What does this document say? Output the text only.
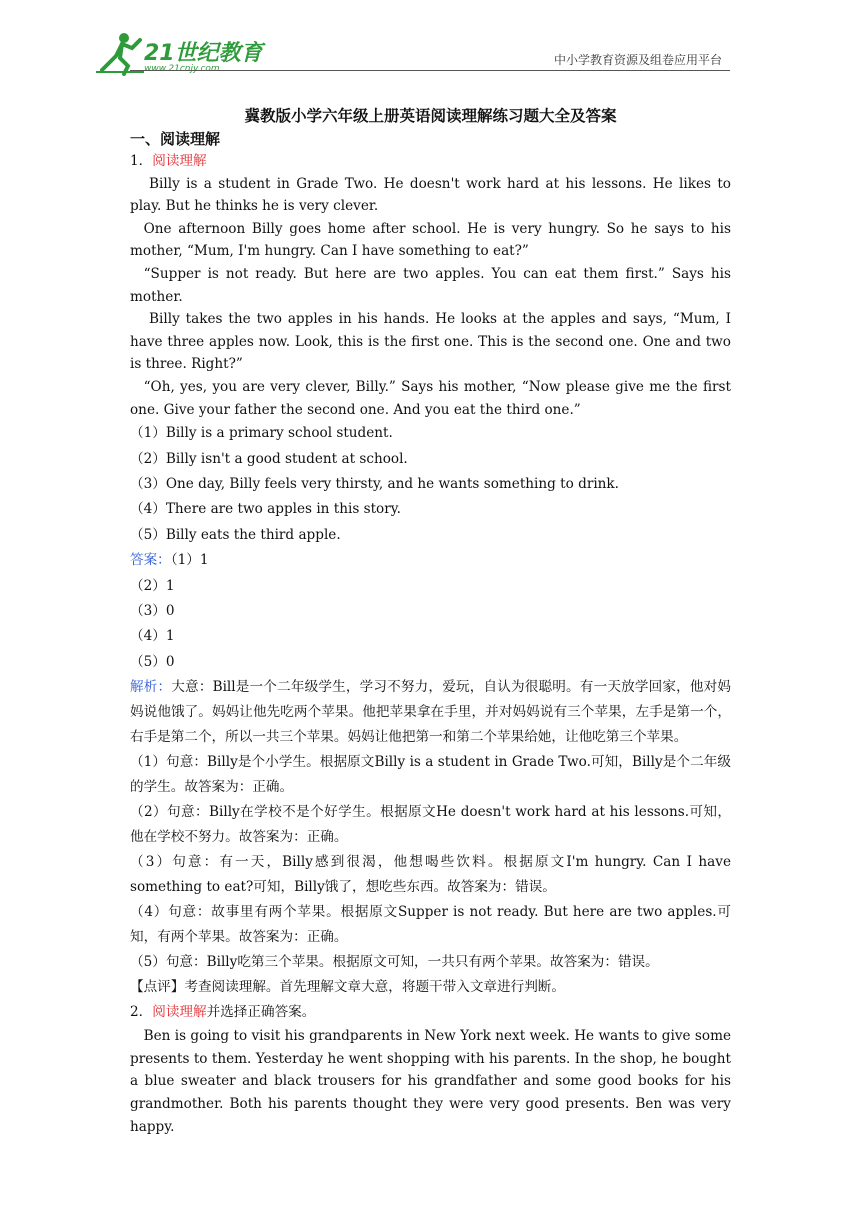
21世纪教育
www.21cnjy.com
中小学教育资源及组卷应用平台

冀教版小学六年级上册英语阅读理解练习题大全及答案

一、阅读理解

1．阅读理解

Billy is a student in Grade Two. He doesn't work hard at his lessons. He likes to play. But he thinks he is very clever.

One afternoon Billy goes home after school. He is very hungry. So he says to his mother, “Mum, I'm hungry. Can I have something to eat?”

“Supper is not ready. But here are two apples. You can eat them first.” Says his mother.

Billy takes the two apples in his hands. He looks at the apples and says, “Mum, I have three apples now. Look, this is the first one. This is the second one. One and two is three. Right?”

“Oh, yes, you are very clever, Billy.” Says his mother, “Now please give me the first one. Give your father the second one. And you eat the third one.”

（1）Billy is a primary school student.

（2）Billy isn't a good student at school.

（3）One day, Billy feels very thirsty, and he wants something to drink.

（4）There are two apples in this story.

（5）Billy eats the third apple.

答案：（1）1

（2）1

（3）0

（4）1

（5）0

解析：大意：Bill是一个二年级学生，学习不努力，爱玩，自认为很聪明。有一天放学回家，他对妈妈说他饿了。妈妈让他先吃两个苹果。他把苹果拿在手里，并对妈妈说有三个苹果，左手是第一个，右手是第二个，所以一共三个苹果。妈妈让他把第一和第二个苹果给她，让他吃第三个苹果。

（1）句意：Billy是个小学生。根据原文Billy is a student in Grade Two.可知，Billy是个二年级的学生。故答案为：正确。

（2）句意：Billy在学校不是个好学生。根据原文He doesn't work hard at his lessons.可知，他在学校不努力。故答案为：正确。

（3）句意：有一天，Billy感到很渴，他想喝些饮料。根据原文I'm hungry. Can I have something to eat?可知，Billy饿了，想吃些东西。故答案为：错误。

（4）句意：故事里有两个苹果。根据原文Supper is not ready. But here are two apples.可知，有两个苹果。故答案为：正确。

（5）句意：Billy吃第三个苹果。根据原文可知，一共只有两个苹果。故答案为：错误。

【点评】考查阅读理解。首先理解文章大意，将题干带入文章进行判断。

2．阅读理解并选择正确答案。

Ben is going to visit his grandparents in New York next week. He wants to give some presents to them. Yesterday he went shopping with his parents. In the shop, he bought a blue sweater and black trousers for his grandfather and some good books for his grandmother. Both his parents thought they were very good presents. Ben was very happy.
